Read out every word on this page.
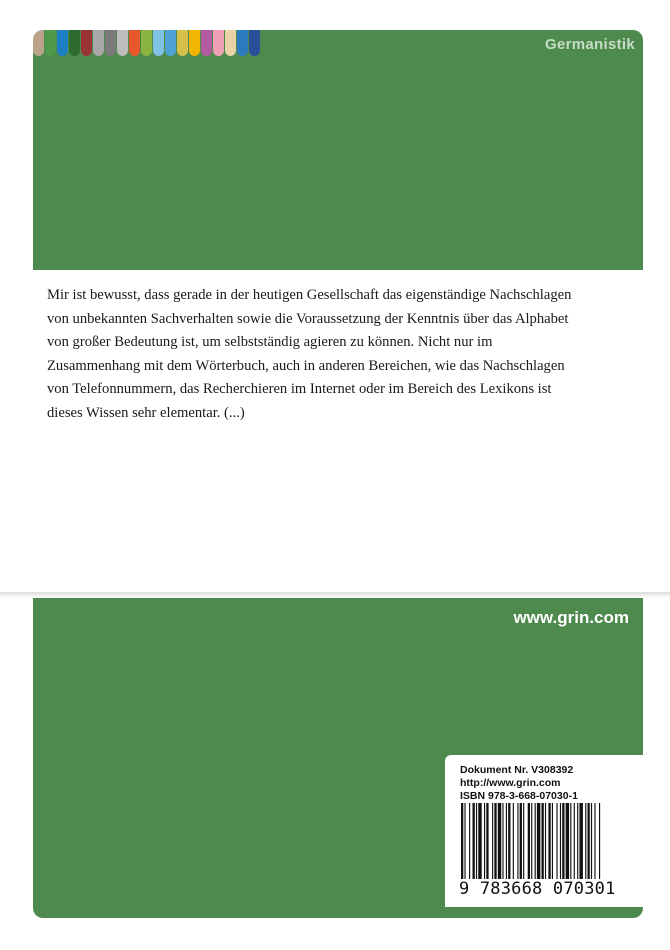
Germanistik

Mir ist bewusst, dass gerade in der heutigen Gesellschaft das eigenständige Nachschlagen
von unbekannten Sachverhalten sowie die Voraussetzung der Kenntnis über das Alphabet
von großer Bedeutung ist, um selbstständig agieren zu können. Nicht nur im
Zusammenhang mit dem Wörterbuch, auch in anderen Bereichen, wie das Nachschlagen
von Telefonnummern, das Recherchieren im Internet oder im Bereich des Lexikons ist
dieses Wissen sehr elementar. (...)

www.grin.com
Dokument Nr. V308392
http://www.grin.com
ISBN 978-3-668-07030-1
9 783668 070301
